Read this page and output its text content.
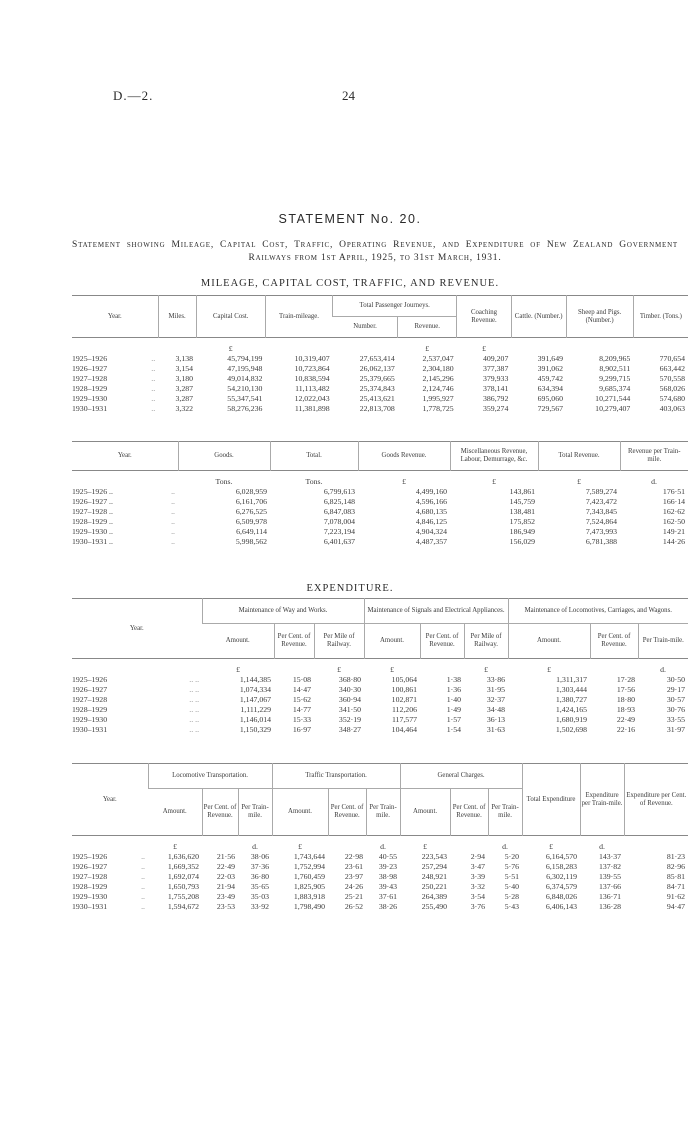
D.—2.	24
STATEMENT No. 20.
Statement showing Mileage, Capital Cost, Traffic, Operating Revenue, and Expenditure of New Zealand Government Railways from 1st April, 1925, to 31st March, 1931.
MILEAGE, CAPITAL COST, TRAFFIC, AND REVENUE.
Year.		Miles.	Capital Cost.	Train-mileage.	Total Passenger Journeys.		Coaching Revenue.	Cattle. (Number.)	Sheep and Pigs. (Number.)	Timber. (Tons.)
					Number.	Revenue.				
			£			£	£			
1925–1926	..	3,138	45,794,199	10,319,407	27,653,414	2,537,047	409,207	391,649	8,209,965	770,654
1926–1927	..	3,154	47,195,948	10,723,864	26,062,137	2,304,180	377,387	391,062	8,902,511	663,442
1927–1928	..	3,180	49,014,832	10,838,594	25,379,665	2,145,296	379,933	459,742	9,299,715	570,558
1928–1929	..	3,287	54,210,130	11,113,482	25,374,843	2,124,746	378,141	634,394	9,685,374	568,026
1929–1930	..	3,287	55,347,541	12,022,043	25,413,621	1,995,927	386,792	695,060	10,271,544	574,680
1930–1931	..	3,322	58,276,236	11,381,898	22,813,708	1,778,725	359,274	729,567	10,279,407	403,063
Year.		Goods.	Total.	Goods Revenue.	Miscellaneous Revenue, Labour, Demurrage, &c.	Total Revenue.	Revenue per Train-mile.
		Tons.	Tons.	£	£	£	d.
1925–1926 ..	..	6,028,959	6,799,613	4,499,160	143,861	7,589,274	176·51
1926–1927 ..	..	6,161,706	6,825,148	4,596,166	145,759	7,423,472	166·14
1927–1928 ..	..	6,276,525	6,847,083	4,680,135	138,481	7,343,845	162·62
1928–1929 ..	..	6,509,978	7,078,004	4,846,125	175,852	7,524,864	162·50
1929–1930 ..	..	6,649,114	7,223,194	4,904,324	186,949	7,473,993	149·21
1930–1931 ..	..	5,998,562	6,401,637	4,487,357	156,029	6,781,388	144·26
EXPENDITURE.
Year.		Maintenance of Way and Works.			Maintenance of Signals and Electrical Appliances.			Maintenance of Locomotives, Carriages, and Wagons.		
		Amount.	Per Cent. of Revenue.	Per Mile of Railway.	Amount.	Per Cent. of Revenue.	Per Mile of Railway.	Amount.	Per Cent. of Revenue.	Per Train-mile.
		£		£	£		£	£		d.
1925–1926	.. ..	1,144,385	15·08	368·80	105,064	1·38	33·86	1,311,317	17·28	30·50
1926–1927	.. ..	1,074,334	14·47	340·30	100,861	1·36	31·95	1,303,444	17·56	29·17
1927–1928	.. ..	1,147,067	15·62	360·94	102,871	1·40	32·37	1,380,727	18·80	30·57
1928–1929	.. ..	1,111,229	14·77	341·50	112,206	1·49	34·48	1,424,165	18·93	30·76
1929–1930	.. ..	1,146,014	15·33	352·19	117,577	1·57	36·13	1,680,919	22·49	33·55
1930–1931	.. ..	1,150,329	16·97	348·27	104,464	1·54	31·63	1,502,698	22·16	31·97
Year.		Locomotive Transportation.			Traffic Transportation.			General Charges.			Total Expenditure	Expenditure per Train-mile.	Expenditure per Cent. of Revenue.
		Amount.	Per Cent. of Revenue.	Per Train-mile.	Amount.	Per Cent. of Revenue.	Per Train-mile.	Amount.	Per Cent. of Revenue.	Per Train-mile.			
		£		d.	£		d.	£		d.	£	d.	
1925–1926	..	1,636,620	21·56	38·06	1,743,644	22·98	40·55	223,543	2·94	5·20	6,164,570	143·37	81·23
1926–1927	..	1,669,352	22·49	37·36	1,752,994	23·61	39·23	257,294	3·47	5·76	6,158,283	137·82	82·96
1927–1928	..	1,692,074	22·03	36·80	1,760,459	23·97	38·98	248,921	3·39	5·51	6,302,119	139·55	85·81
1928–1929	..	1,650,793	21·94	35·65	1,825,905	24·26	39·43	250,221	3·32	5·40	6,374,579	137·66	84·71
1929–1930	..	1,755,208	23·49	35·03	1,883,918	25·21	37·61	264,389	3·54	5·28	6,848,026	136·71	91·62
1930–1931	..	1,594,672	23·53	33·92	1,798,490	26·52	38·26	255,490	3·76	5·43	6,406,143	136·28	94·47
